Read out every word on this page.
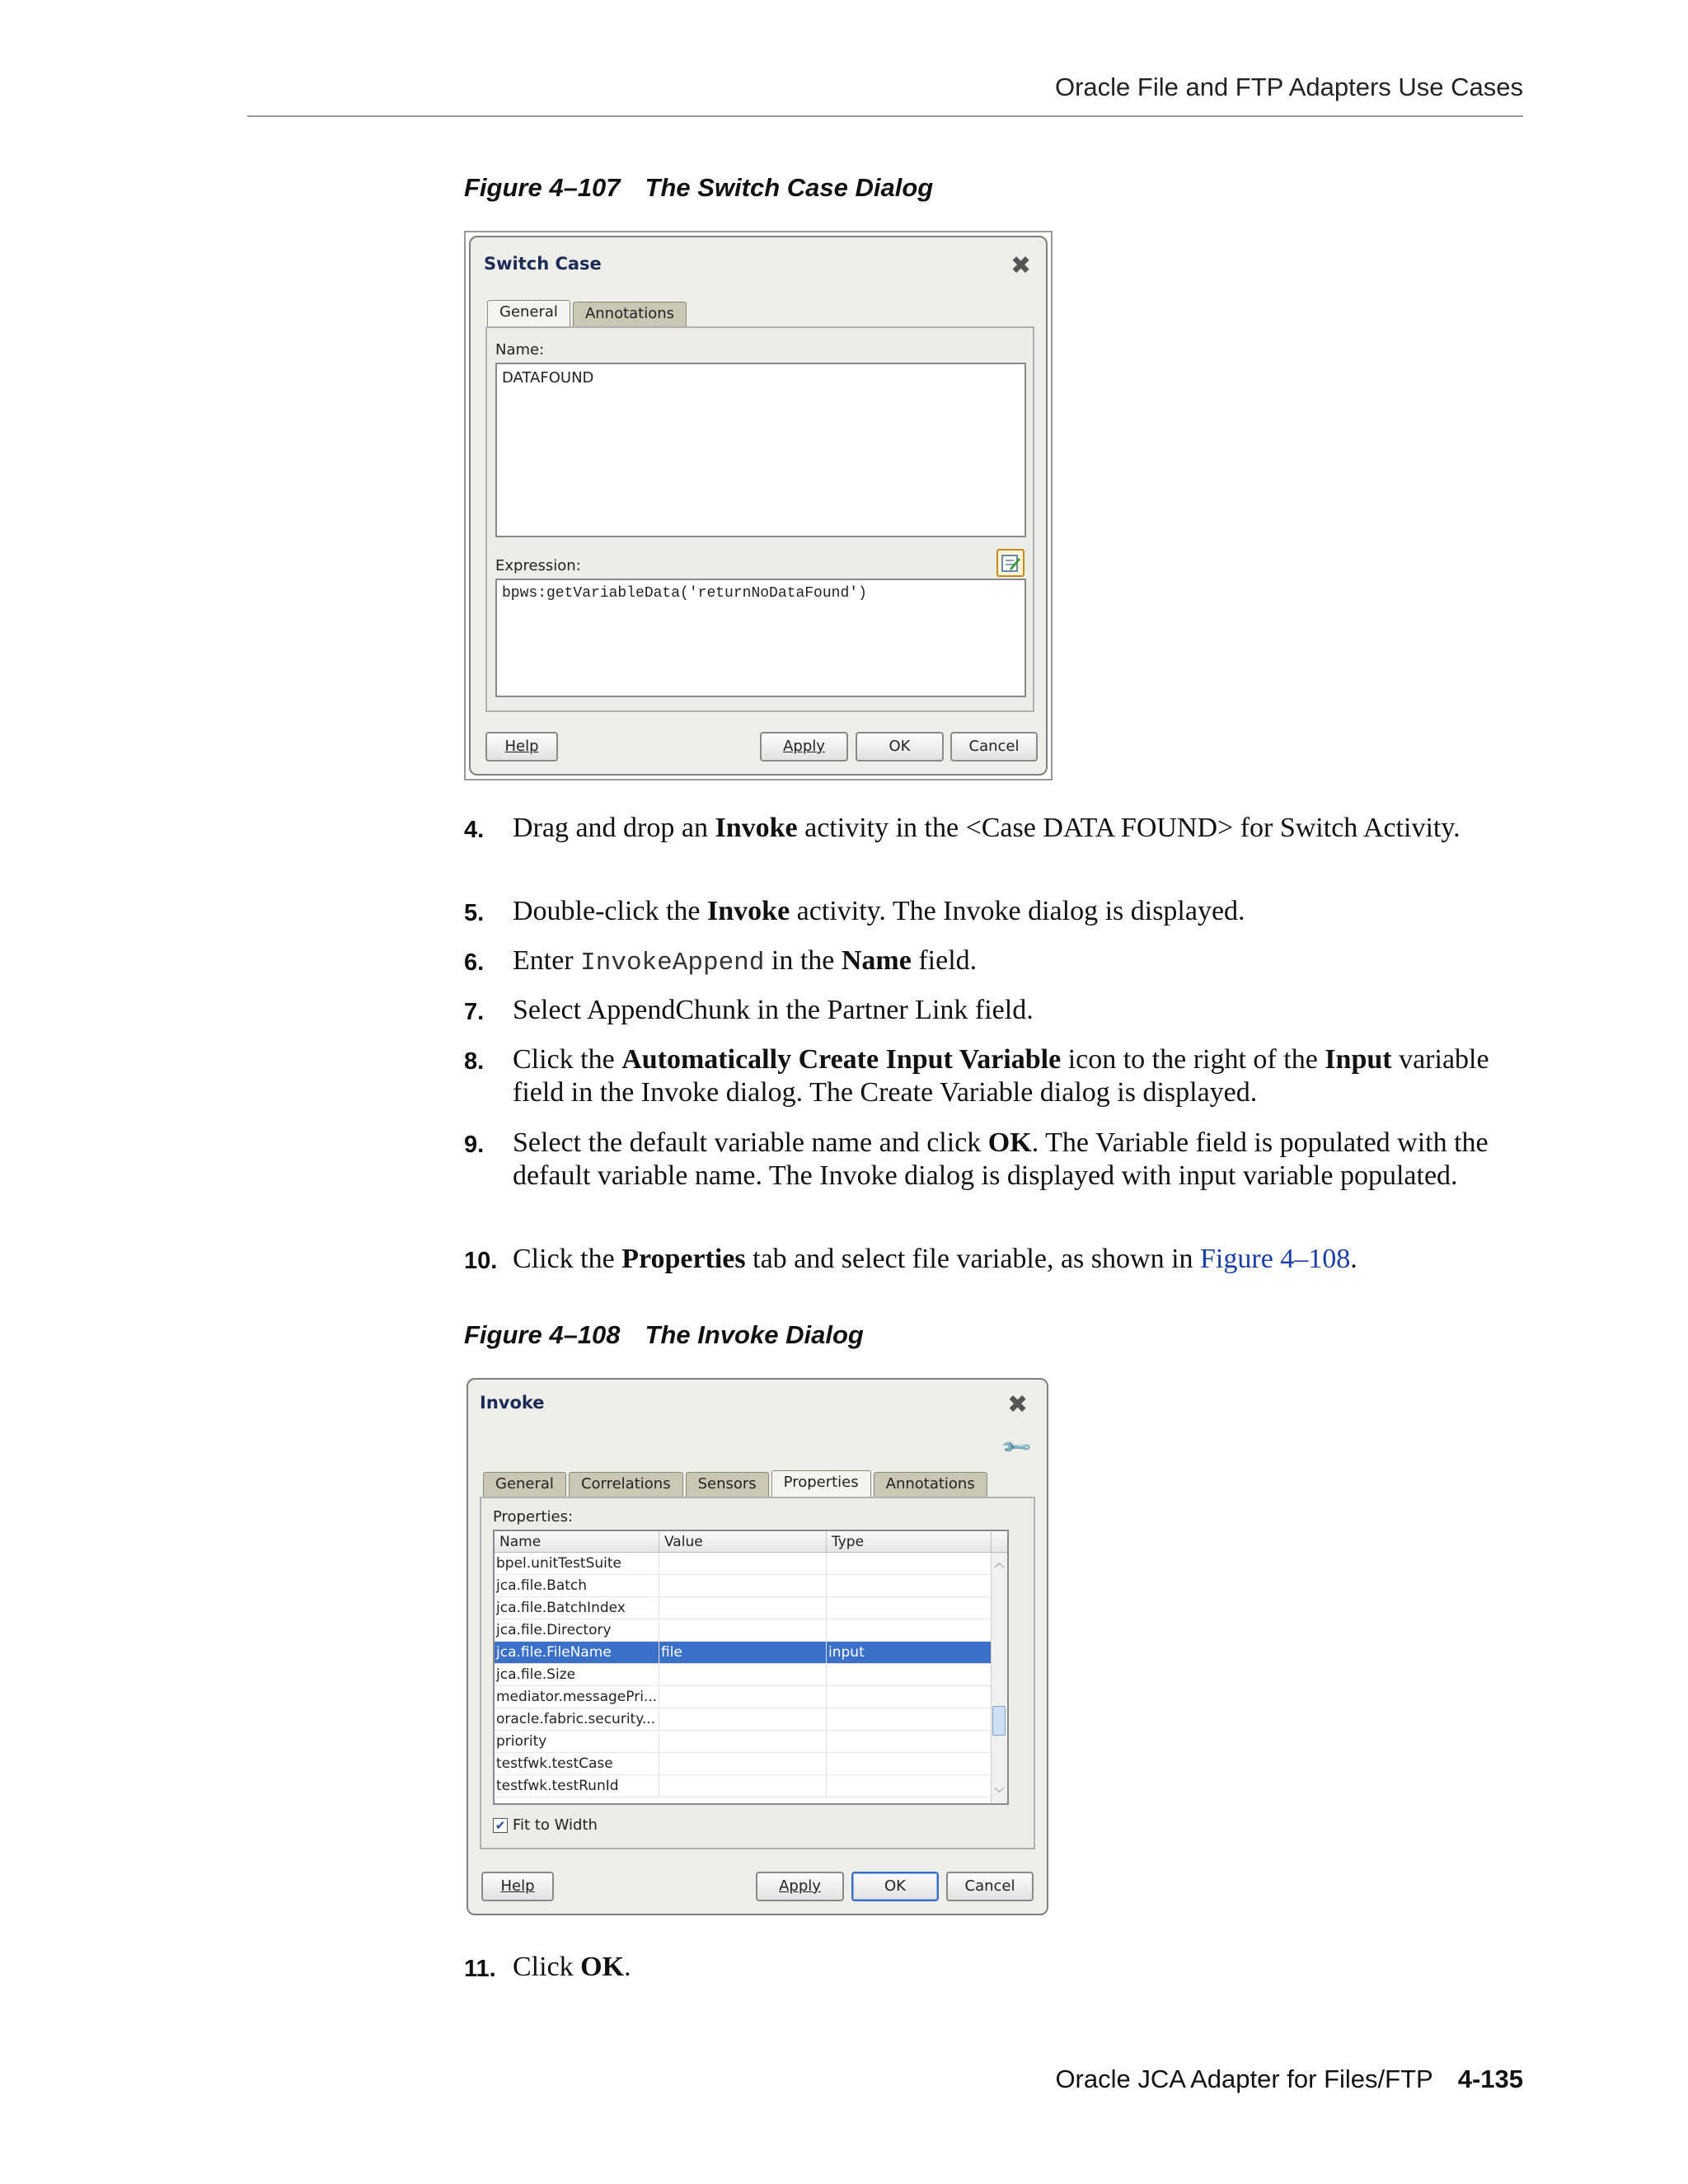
Oracle File and FTP Adapters Use Cases
Figure 4–107 The Switch Case Dialog
Switch Case	✖
General	Annotations
Name:
DATAFOUND
Expression:
bpws:getVariableData('returnNoDataFound')
Help	Apply	OK	Cancel
4. Drag and drop an Invoke activity in the <Case DATA FOUND> for Switch Activity.
5. Double-click the Invoke activity. The Invoke dialog is displayed.
6. Enter InvokeAppend in the Name field.
7. Select AppendChunk in the Partner Link field.
8. Click the Automatically Create Input Variable icon to the right of the Input variable field in the Invoke dialog. The Create Variable dialog is displayed.
9. Select the default variable name and click OK. The Variable field is populated with the default variable name. The Invoke dialog is displayed with input variable populated.
10. Click the Properties tab and select file variable, as shown in Figure 4–108.
Figure 4–108 The Invoke Dialog
Invoke	✖
🔧
General	Correlations	Sensors	Properties	Annotations
Properties:
Name	Value	Type
bpel.unitTestSuite
jca.file.Batch
jca.file.BatchIndex
jca.file.Directory
jca.file.FileName	file	input
jca.file.Size
mediator.messagePri...
oracle.fabric.security...
priority
testfwk.testCase
testfwk.testRunId
︿
﹀
✔ Fit to Width
Help	Apply	OK	Cancel
11. Click OK.
Oracle JCA Adapter for Files/FTP 4-135
